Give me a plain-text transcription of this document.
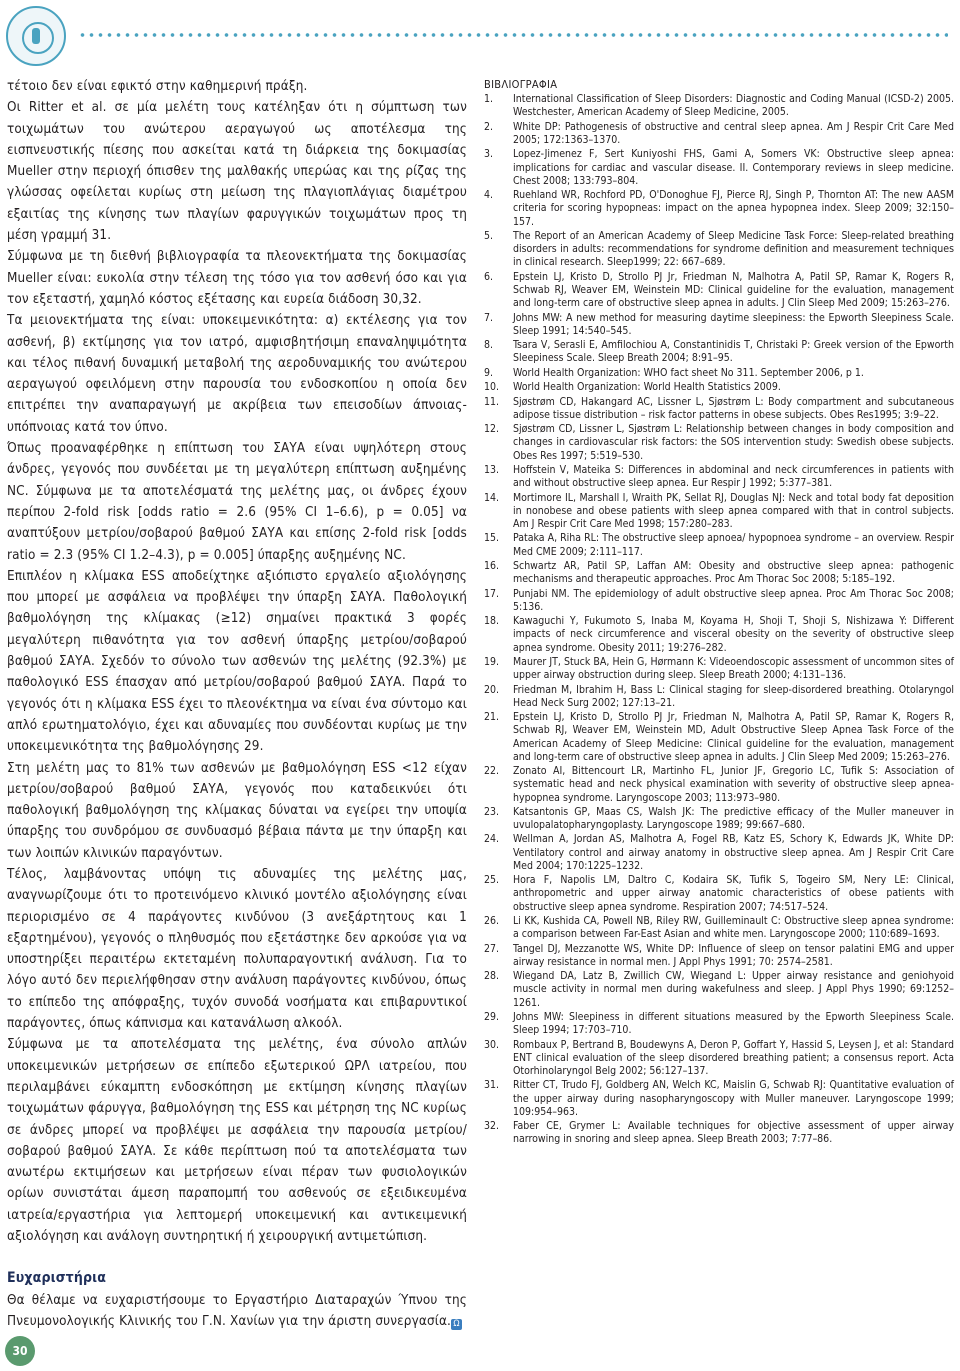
τέτοιο δεν είναι εφικτό στην καθημερινή πράξη.

Οι Ritter et al. σε μία μελέτη τους κατέληξαν ότι η σύμπτωση των τοιχωμάτων του ανώτερου αεραγωγού ως αποτέλεσμα της εισπνευστικής πίεσης που ασκείται κατά τη διάρκεια της δοκιμασίας Mueller στην περιοχή όπισθεν της μαλθακής υπερώας και της ρίζας της γλώσσας οφείλεται κυρίως στη μείωση της πλαγιοπλάγιας διαμέτρου εξαιτίας της κίνησης των πλαγίων φαρυγγικών τοιχωμάτων προς τη μέση γραμμή 31.

Σύμφωνα με τη διεθνή βιβλιογραφία τα πλεονεκτήματα της δοκιμασίας Mueller είναι: ευκολία στην τέλεση της τόσο για τον ασθενή όσο και για τον εξεταστή, χαμηλό κόστος εξέτασης και ευρεία διάδοση 30,32.

Τα μειονεκτήματα της είναι: υποκειμενικότητα: α) εκτέλεσης για τον ασθενή, β) εκτίμησης για τον ιατρό, αμφισβητήσιμη επαναληψιμότητα και τέλος πιθανή δυναμική μεταβολή της αεροδυναμικής του ανώτερου αεραγωγού οφειλόμενη στην παρουσία του ενδοσκοπίου η οποία δεν επιτρέπει την αναπαραγωγή με ακρίβεια των επεισοδίων άπνοιας-υπόπνοιας κατά τον ύπνο.

Όπως προαναφέρθηκε η επίπτωση του ΣΑΥΑ είναι υψηλότερη στους άνδρες, γεγονός που συνδέεται με τη μεγαλύτερη επίπτωση αυξημένης NC. Σύμφωνα με τα αποτελέσματά της μελέτης μας, οι άνδρες έχουν περίπου 2-fold risk [odds ratio = 2.6 (95% CI 1–6.6), p = 0.05] να αναπτύξουν μετρίου/σοβαρού βαθμού ΣΑΥΑ και επίσης 2-fold risk [odds ratio = 2.3 (95% CI 1.2–4.3), p = 0.005] ύπαρξης αυξημένης NC.

Επιπλέον η κλίμακα ESS αποδείχτηκε αξιόπιστο εργαλείο αξιολόγησης που μπορεί με ασφάλεια να προβλέψει την ύπαρξη ΣΑΥΑ. Παθολογική βαθμολόγηση της κλίμακας (≥12) σημαίνει πρακτικά 3 φορές μεγαλύτερη πιθανότητα για τον ασθενή ύπαρξης μετρίου/σοβαρού βαθμού ΣΑΥΑ. Σχεδόν το σύνολο των ασθενών της μελέτης (92.3%) με παθολογικό ESS έπασχαν από μετρίου/σοβαρού βαθμού ΣΑΥΑ. Παρά το γεγονός ότι η κλίμακα ESS έχει το πλεονέκτημα να είναι ένα σύντομο και απλό ερωτηματολόγιο, έχει και αδυναμίες που συνδέονται κυρίως με την υποκειμενικότητα της βαθμολόγησης 29.

Στη μελέτη μας το 81% των ασθενών με βαθμολόγηση ESS <12 είχαν μετρίου/σοβαρού βαθμού ΣΑΥΑ, γεγονός που καταδεικνύει ότι παθολογική βαθμολόγηση της κλίμακας δύναται να εγείρει την υποψία ύπαρξης του συνδρόμου σε συνδυασμό βέβαια πάντα με την ύπαρξη και των λοιπών κλινικών παραγόντων.

Τέλος, λαμβάνοντας υπόψη τις αδυναμίες της μελέτης μας, αναγνωρίζουμε ότι το προτεινόμενο κλινικό μοντέλο αξιολόγησης είναι περιορισμένο σε 4 παράγοντες κινδύνου (3 ανεξάρτητους και 1 εξαρτημένου), γεγονός ο πληθυσμός που εξετάστηκε δεν αρκούσε για να υποστηρίξει περαιτέρω εκτεταμένη πολυπαραγοντική ανάλυση. Για το λόγο αυτό δεν περιελήφθησαν στην ανάλυση παράγοντες κινδύνου, όπως το επίπεδο της απόφραξης, τυχόν συνοδά νοσήματα και επιβαρυντικοί παράγοντες, όπως κάπνισμα και κατανάλωση αλκοόλ.

Σύμφωνα με τα αποτελέσματα της μελέτης, ένα σύνολο απλών υποκειμενικών μετρήσεων σε επίπεδο εξωτερικού ΩΡΛ ιατρείου, που περιλαμβάνει εύκαμπτη ενδοσκόπηση με εκτίμηση κίνησης πλαγίων τοιχωμάτων φάρυγγα, βαθμολόγηση της ESS και μέτρηση της NC κυρίως σε άνδρες μπορεί να προβλέψει με ασφάλεια την παρουσία μετρίου/σοβαρού βαθμού ΣΑΥΑ. Σε κάθε περίπτωση πού τα αποτελέσματα των ανωτέρω εκτιμήσεων και μετρήσεων είναι πέραν των φυσιολογικών ορίων συνιστάται άμεση παραπομπή του ασθενούς σε εξειδικευμένα ιατρεία/εργαστήρια για λεπτομερή υποκειμενική και αντικειμενική αξιολόγηση και ανάλογη συντηρητική ή χειρουργική αντιμετώπιση.

Ευχαριστήρια

Θα θέλαμε να ευχαριστήσουμε το Εργαστήριο Διαταραχών Ύπνου της Πνευμονολογικής Κλινικής του Γ.Ν. Χανίων για την άριστη συνεργασία. Ω

ΒΙΒΛΙΟΓΡΑΦΙΑ

1. International Classification of Sleep Disorders: Diagnostic and Coding Manual (ICSD-2) 2005. Westchester, American Academy of Sleep Medicine, 2005.
2. White DP: Pathogenesis of obstructive and central sleep apnea. Am J Respir Crit Care Med 2005; 172:1363–1370.
3. Lopez-Jimenez F, Sert Kuniyoshi FHS, Gami A, Somers VK: Obstructive sleep apnea: implications for cardiac and vascular disease. II. Contemporary reviews in sleep medicine. Chest 2008; 133:793–804.
4. Ruehland WR, Rochford PD, O'Donoghue FJ, Pierce RJ, Singh P, Thornton AT: The new AASM criteria for scoring hypopneas: impact on the apnea hypopnea index. Sleep 2009; 32:150–157.
5. The Report of an American Academy of Sleep Medicine Task Force: Sleep-related breathing disorders in adults: recommendations for syndrome definition and measurement techniques in clinical research. Sleep1999; 22: 667–689.
6. Epstein LJ, Kristo D, Strollo PJ Jr, Friedman N, Malhotra A, Patil SP, Ramar K, Rogers R, Schwab RJ, Weaver EM, Weinstein MD: Clinical guideline for the evaluation, management and long-term care of obstructive sleep apnea in adults. J Clin Sleep Med 2009; 15:263–276.
7. Johns MW: A new method for measuring daytime sleepiness: the Epworth Sleepiness Scale. Sleep 1991; 14:540–545.
8. Tsara V, Serasli E, Amfilochiou A, Constantinidis T, Christaki P: Greek version of the Epworth Sleepiness Scale. Sleep Breath 2004; 8:91–95.
9. World Health Organization: WHO fact sheet No 311. September 2006, p 1.
10. World Health Organization: World Health Statistics 2009.
11. Sjøstrøm CD, Hakangard AC, Lissner L, Sjøstrøm L: Body compartment and subcutaneous adipose tissue distribution – risk factor patterns in obese subjects. Obes Res1995; 3:9–22.
12. Sjøstrøm CD, Lissner L, Sjøstrøm L: Relationship between changes in body composition and changes in cardiovascular risk factors: the SOS intervention study: Swedish obese subjects. Obes Res 1997; 5:519–530.
13. Hoffstein V, Mateika S: Differences in abdominal and neck circumferences in patients with and without obstructive sleep apnea. Eur Respir J 1992; 5:377–381.
14. Mortimore IL, Marshall I, Wraith PK, Sellat RJ, Douglas NJ: Neck and total body fat deposition in nonobese and obese patients with sleep apnea compared with that in control subjects. Am J Respir Crit Care Med 1998; 157:280–283.
15. Pataka A, Riha RL: The obstructive sleep apnoea/ hypopnoea syndrome – an overview. Respir Med CME 2009; 2:111–117.
16. Schwartz AR, Patil SP, Laffan AM: Obesity and obstructive sleep apnea: pathogenic mechanisms and therapeutic approaches. Proc Am Thorac Soc 2008; 5:185–192.
17. Punjabi NM. The epidemiology of adult obstructive sleep apnea. Proc Am Thorac Soc 2008; 5:136.
18. Kawaguchi Y, Fukumoto S, Inaba M, Koyama H, Shoji T, Shoji S, Nishizawa Y: Different impacts of neck circumference and visceral obesity on the severity of obstructive sleep apnea syndrome. Obesity 2011; 19:276–282.
19. Maurer JT, Stuck BA, Hein G, Hørmann K: Videoendoscopic assessment of uncommon sites of upper airway obstruction during sleep. Sleep Breath 2000; 4:131–136.
20. Friedman M, Ibrahim H, Bass L: Clinical staging for sleep-disordered breathing. Otolaryngol Head Neck Surg 2002; 127:13–21.
21. Epstein LJ, Kristo D, Strollo PJ Jr, Friedman N, Malhotra A, Patil SP, Ramar K, Rogers R, Schwab RJ, Weaver EM, Weinstein MD, Adult Obstructive Sleep Apnea Task Force of the American Academy of Sleep Medicine: Clinical guideline for the evaluation, management and long-term care of obstructive sleep apnea in adults. J Clin Sleep Med 2009; 15:263–276.
22. Zonato AI, Bittencourt LR, Martinho FL, Junior JF, Gregorio LC, Tufik S: Association of systematic head and neck physical examination with severity of obstructive sleep apnea-hypopnea syndrome. Laryngoscope 2003; 113:973–980.
23. Katsantonis GP, Maas CS, Walsh JK: The predictive efficacy of the Muller maneuver in uvulopalatopharyngoplasty. Laryngoscope 1989; 99:667–680.
24. Wellman A, Jordan AS, Malhotra A, Fogel RB, Katz ES, Schory K, Edwards JK, White DP: Ventilatory control and airway anatomy in obstructive sleep apnea. Am J Respir Crit Care Med 2004; 170:1225–1232.
25. Hora F, Napolis LM, Daltro C, Kodaira SK, Tufik S, Togeiro SM, Nery LE: Clinical, anthropometric and upper airway anatomic characteristics of obese patients with obstructive sleep apnea syndrome. Respiration 2007; 74:517–524.
26. Li KK, Kushida CA, Powell NB, Riley RW, Guilleminault C: Obstructive sleep apnea syndrome: a comparison between Far-East Asian and white men. Laryngoscope 2000; 110:689–1693.
27. Tangel DJ, Mezzanotte WS, White DP: Influence of sleep on tensor palatini EMG and upper airway resistance in normal men. J Appl Phys 1991; 70: 2574–2581.
28. Wiegand DA, Latz B, Zwillich CW, Wiegand L: Upper airway resistance and geniohyoid muscle activity in normal men during wakefulness and sleep. J Appl Phys 1990; 69:1252–1261.
29. Johns MW: Sleepiness in different situations measured by the Epworth Sleepiness Scale. Sleep 1994; 17:703–710.
30. Rombaux P, Bertrand B, Boudewyns A, Deron P, Goffart Y, Hassid S, Leysen J, et al: Standard ENT clinical evaluation of the sleep disordered breathing patient; a consensus report. Acta Otorhinolaryngol Belg 2002; 56:127–137.
31. Ritter CT, Trudo FJ, Goldberg AN, Welch KC, Maislin G, Schwab RJ: Quantitative evaluation of the upper airway during nasopharyngoscopy with Muller maneuver. Laryngoscope 1999; 109:954–963.
32. Faber CE, Grymer L: Available techniques for objective assessment of upper airway narrowing in snoring and sleep apnea. Sleep Breath 2003; 7:77–86.
30
